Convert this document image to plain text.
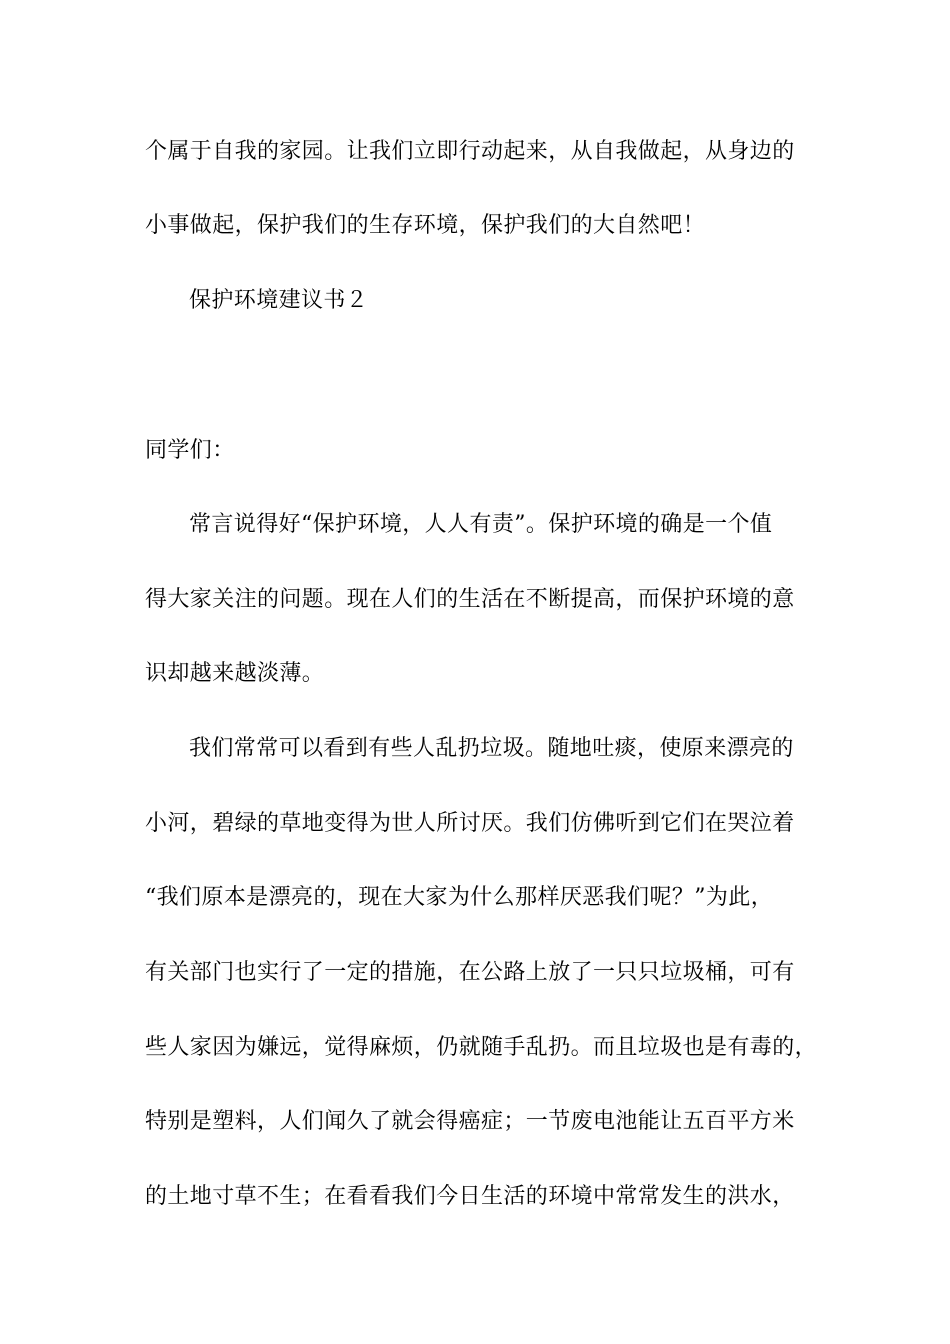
个属于自我的家园。让我们立即行动起来，从自我做起，从身边的
小事做起，保护我们的生存环境，保护我们的大自然吧！
保护环境建议书２
同学们：
常言说得好“保护环境，人人有责”。保护环境的确是一个值
得大家关注的问题。现在人们的生活在不断提高，而保护环境的意
识却越来越淡薄。
我们常常可以看到有些人乱扔垃圾。随地吐痰，使原来漂亮的
小河，碧绿的草地变得为世人所讨厌。我们仿佛听到它们在哭泣着
“我们原本是漂亮的，现在大家为什么那样厌恶我们呢？”为此，
有关部门也实行了一定的措施，在公路上放了一只只垃圾桶，可有
些人家因为嫌远，觉得麻烦，仍就随手乱扔。而且垃圾也是有毒的，
特别是塑料，人们闻久了就会得癌症；一节废电池能让五百平方米
的土地寸草不生；在看看我们今日生活的环境中常常发生的洪水，
